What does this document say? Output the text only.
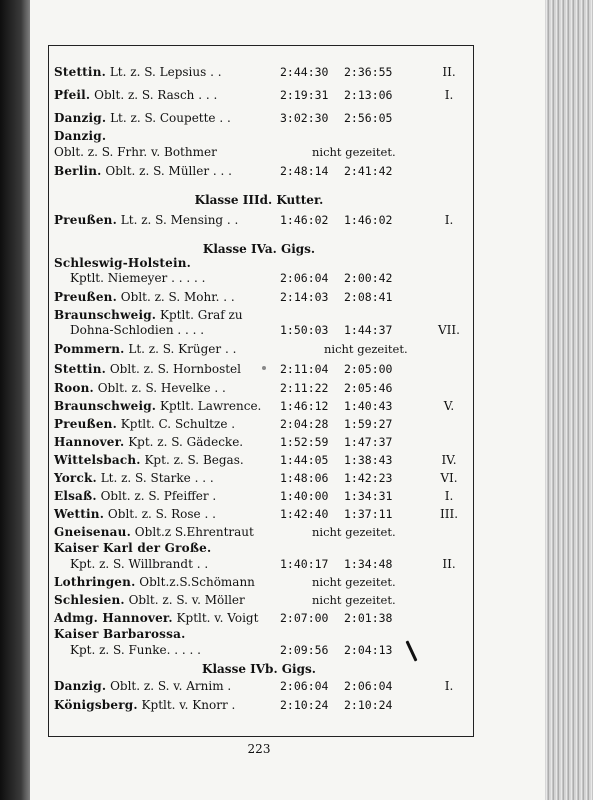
Stettin. Lt. z. S. Lepsius . .	2:44:30 2:36:55	II.
Pfeil. Oblt. z. S. Rasch . . .	2:19:31 2:13:06	I.
Danzig. Lt. z. S. Coupette . .	3:02:30 2:56:05
Danzig.
Oblt. z. S. Frhr. v. Bothmer	nicht gezeitet.
Berlin. Oblt. z. S. Müller . . .	2:48:14 2:41:42
Klasse IIId. Kutter.
Preußen. Lt. z. S. Mensing . .	1:46:02 1:46:02	I.
Klasse IVa. Gigs.
Schleswig-Holstein.
Kptlt. Niemeyer . . . . .	2:06:04 2:00:42
Preußen. Oblt. z. S. Mohr. . .	2:14:03 2:08:41
Braunschweig. Kptlt. Graf zu
Dohna-Schlodien . . . .	1:50:03 1:44:37	VII.
Pommern. Lt. z. S. Krüger . .	nicht gezeitet.
Stettin. Oblt. z. S. Hornbostel	2:11:04 2:05:00
Roon. Oblt. z. S. Hevelke . .	2:11:22 2:05:46
Braunschweig. Kptlt. Lawrence. 1:46:12 1:40:43	V.
Preußen. Kptlt. C. Schultze .	2:04:28 1:59:27
Hannover. Kpt. z. S. Gädecke.	1:52:59 1:47:37
Wittelsbach. Kpt. z. S. Begas.	1:44:05 1:38:43	IV.
Yorck. Lt. z. S. Starke . . .	1:48:06 1:42:23	VI.
Elsaß. Oblt. z. S. Pfeiffer .	1:40:00 1:34:31	I.
Wettin. Oblt. z. S. Rose . .	1:42:40 1:37:11	III.
Gneisenau. Oblt.z S.Ehrentraut	nicht gezeitet.
Kaiser Karl der Große.
Kpt. z. S. Willbrandt . .	1:40:17 1:34:48	II.
Lothringen. Oblt.z.S.Schömann	nicht gezeitet.
Schlesien. Oblt. z. S. v. Möller	nicht gezeitet.
Admg. Hannover. Kptlt. v. Voigt 2:07:00 2:01:38
Kaiser Barbarossa.
Kpt. z. S. Funke. . . . .	2:09:56 2:04:13
Klasse IVb. Gigs.
Danzig. Oblt. z. S. v. Arnim .	2:06:04 2:06:04	I.
Königsberg. Kptlt. v. Knorr .	2:10:24 2:10:24
223
